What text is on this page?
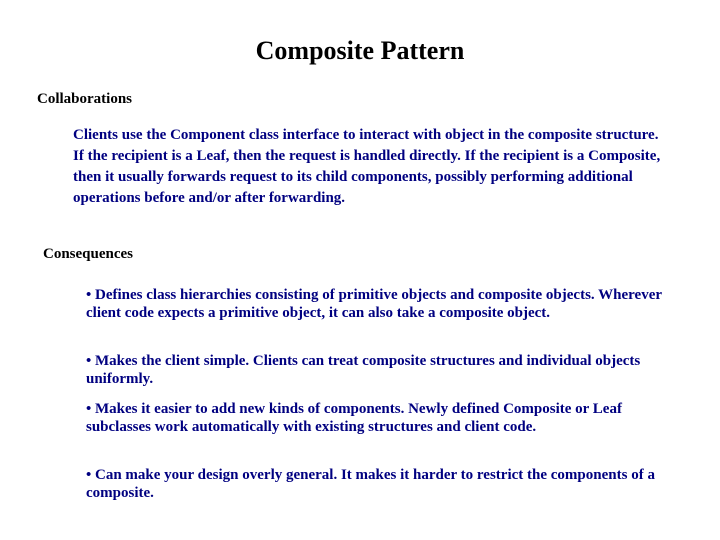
Composite Pattern
Collaborations

Clients use the Component class interface to interact with object in the composite structure. If the recipient is a Leaf, then the request is handled directly. If the recipient is a Composite, then it usually forwards request to its child components, possibly performing additional operations before and/or after forwarding.

Consequences

• Defines class hierarchies consisting of primitive objects and composite objects. Wherever client code expects a primitive object, it can also take a composite object.

• Makes the client simple. Clients can treat composite structures and individual objects uniformly.

• Makes it easier to add new kinds of components. Newly defined Composite or Leaf subclasses work automatically with existing structures and client code.

• Can make your design overly general. It makes it harder to restrict the components of a composite.
